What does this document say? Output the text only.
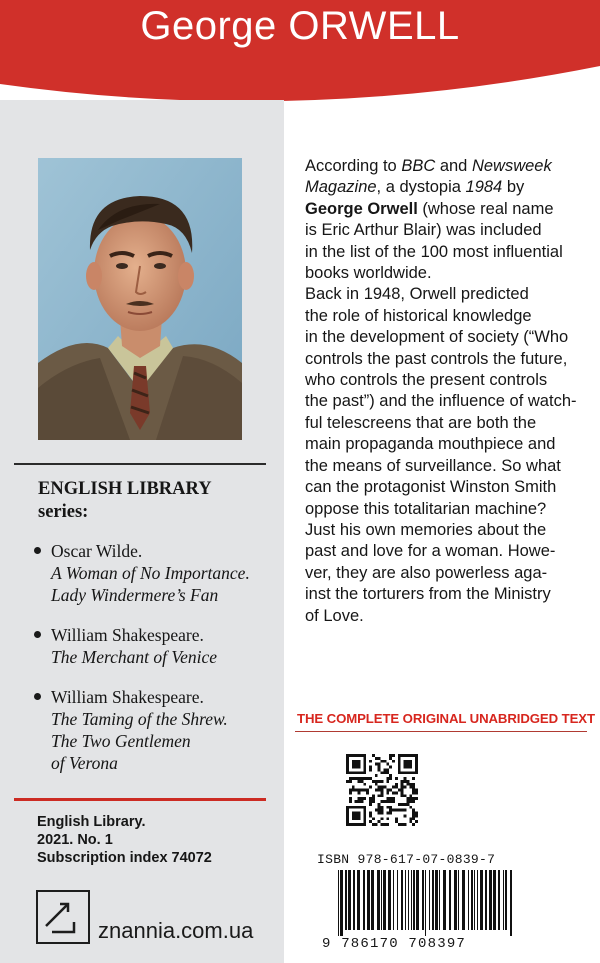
George ORWELL
ENGLISH LIBRARY
series:
Oscar Wilde.
A Woman of No Importance.
Lady Windermere’s Fan
William Shakespeare.
The Merchant of Venice
William Shakespeare.
The Taming of the Shrew.
The Two Gentlemen
of Verona
English Library.
2021. No. 1
Subscription index 74072
znannia.com.ua

According to BBC and Newsweek
Magazine, a dystopia 1984 by
George Orwell (whose real name
is Eric Arthur Blair) was included
in the list of the 100 most influential
books worldwide.

Back in 1948, Orwell predicted
the role of historical knowledge
in the development of society (“Who
controls the past controls the future,
who controls the present controls
the past”) and the influence of watch-
ful telescreens that are both the
main propaganda mouthpiece and
the means of surveillance. So what
can the protagonist Winston Smith
oppose this totalitarian machine?
Just his own memories about the
past and love for a woman. Howe-
ver, they are also powerless aga-
inst the torturers from the Ministry
of Love.

THE COMPLETE ORIGINAL UNABRIDGED TEXT
ISBN 978-617-07-0839-7
9 786170 708397
